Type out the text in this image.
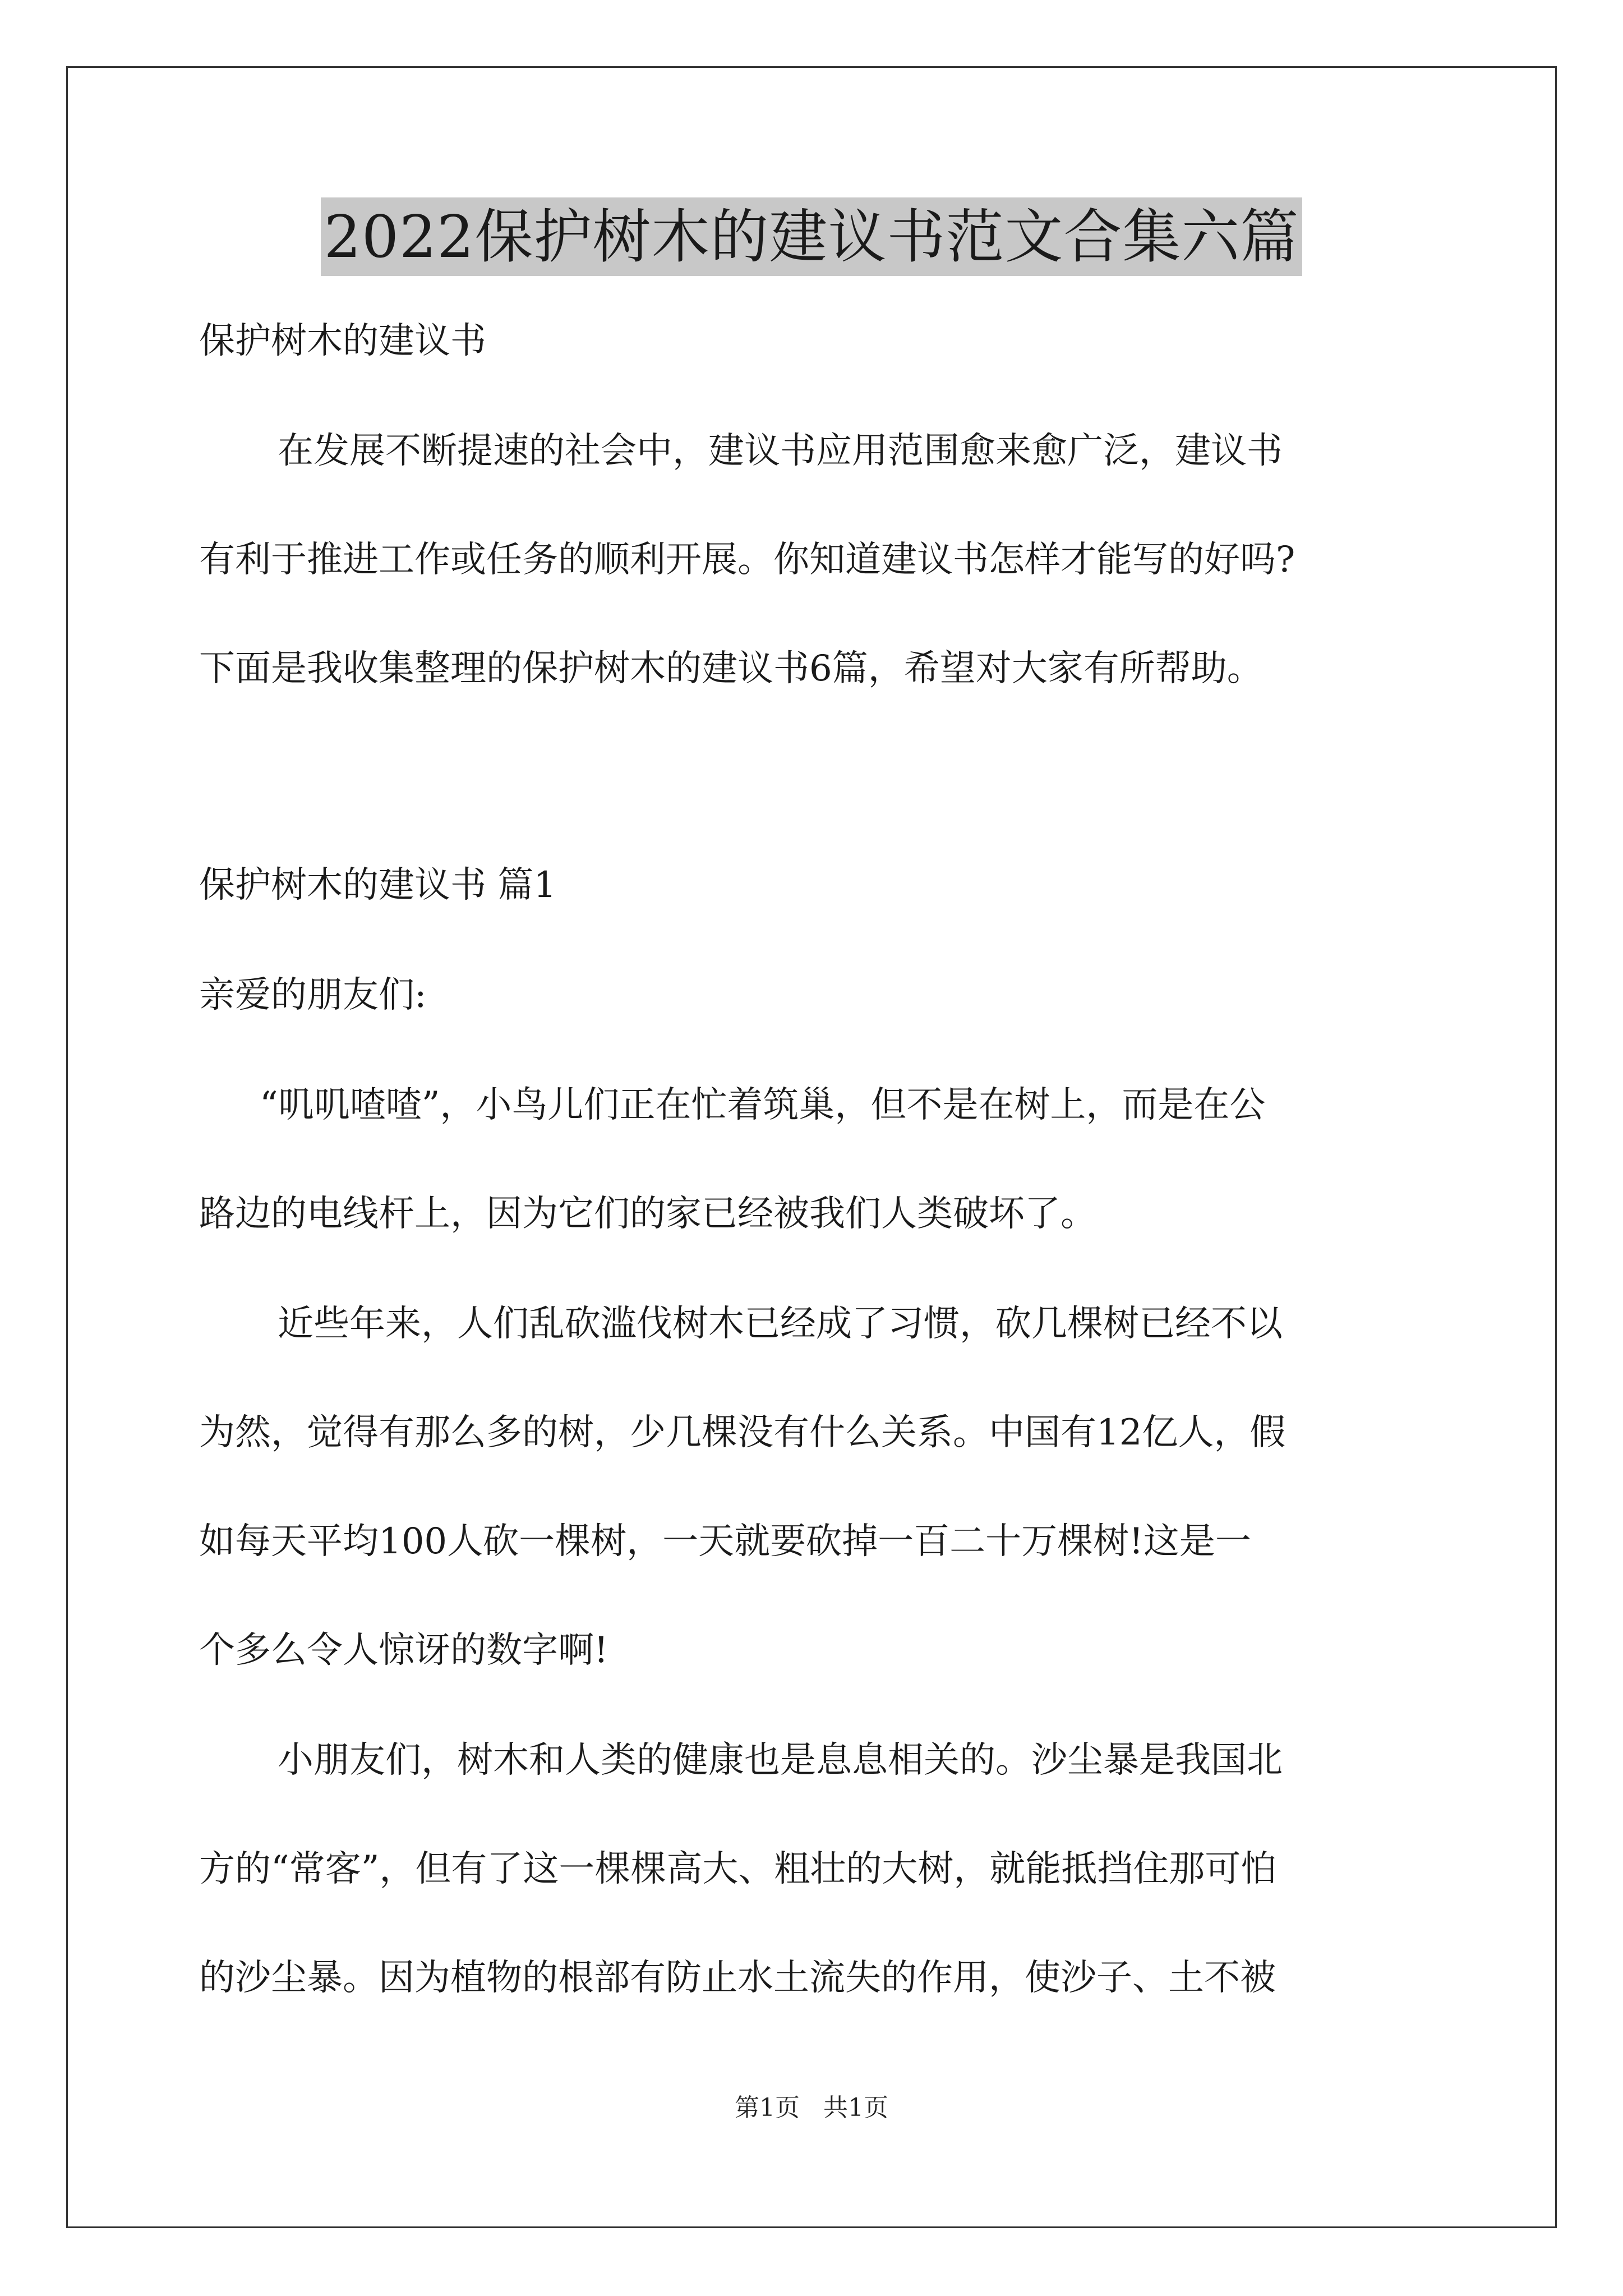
2022保护树木的建议书范文合集六篇

保护树木的建议书

在发展不断提速的社会中，建议书应用范围愈来愈广泛，建议书
有利于推进工作或任务的顺利开展。你知道建议书怎样才能写的好吗?
下面是我收集整理的保护树木的建议书6篇，希望对大家有所帮助。

保护树木的建议书 篇1

亲爱的朋友们:

“叽叽喳喳”，小鸟儿们正在忙着筑巢，但不是在树上，而是在公
路边的电线杆上，因为它们的家已经被我们人类破坏了。
近些年来，人们乱砍滥伐树木已经成了习惯，砍几棵树已经不以
为然，觉得有那么多的树，少几棵没有什么关系。中国有12亿人，假
如每天平均100人砍一棵树，一天就要砍掉一百二十万棵树!这是一
个多么令人惊讶的数字啊!
小朋友们，树木和人类的健康也是息息相关的。沙尘暴是我国北
方的“常客”，但有了这一棵棵高大、粗壮的大树，就能抵挡住那可怕
的沙尘暴。因为植物的根部有防止水土流失的作用，使沙子、土不被
第1页 共1页
